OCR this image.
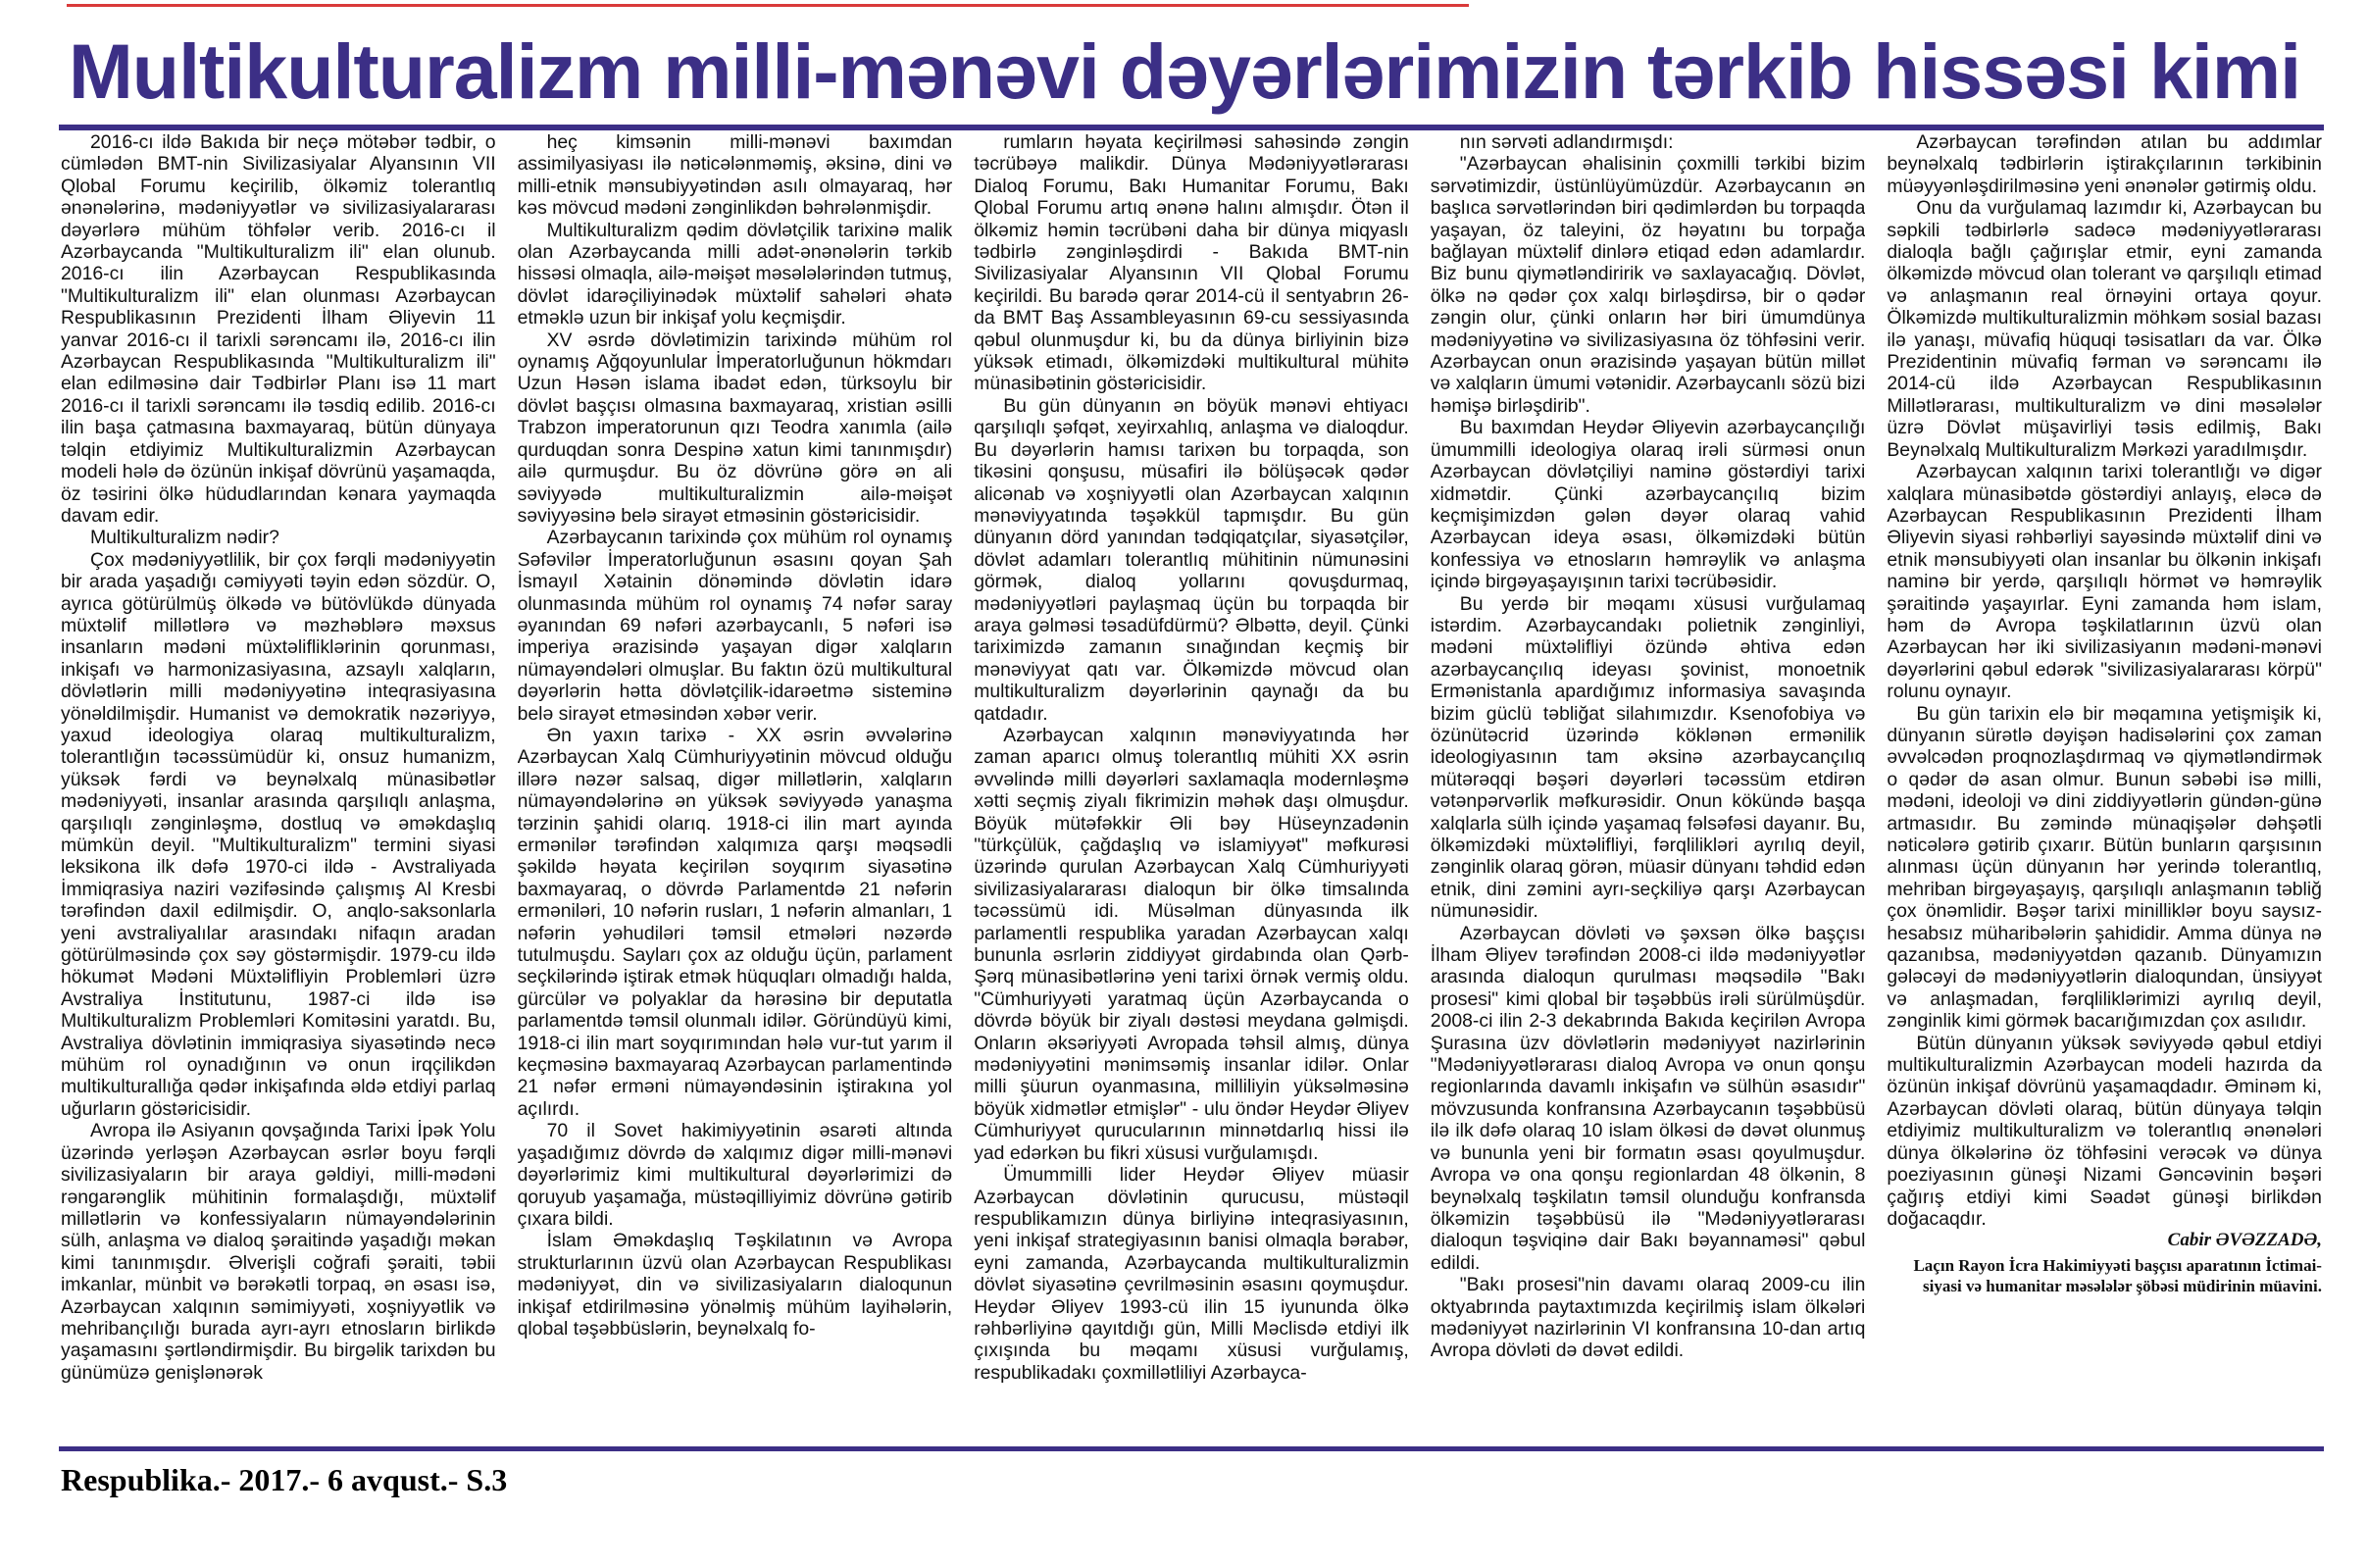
Multikulturalizm milli-mənəvi dəyərlərimizin tərkib hissəsi kimi

2016-cı ildə Bakıda bir neçə mötəbər tədbir, o cümlədən BMT-nin Sivilizasiyalar Alyansının VII Qlobal Forumu keçirilib, ölkəmiz tolerantlıq ənənələrinə, mədəniyyətlər və sivilizasiyalararası dəyərlərə mühüm töhfələr verib. 2016-cı il Azərbaycanda "Multikulturalizm ili" elan olunub. 2016-cı ilin Azərbaycan Respublikasında "Multikulturalizm ili" elan olunması Azərbaycan Respublikasının Prezidenti İlham Əliyevin 11 yanvar 2016-cı il tarixli sərəncamı ilə, 2016-cı ilin Azərbaycan Respublikasında "Multikulturalizm ili" elan edilməsinə dair Tədbirlər Planı isə 11 mart 2016-cı il tarixli sərəncamı ilə təsdiq edilib. 2016-cı ilin başa çatmasına baxmayaraq, bütün dünyaya təlqin etdiyimiz Multikulturalizmin Azərbaycan modeli hələ də özünün inkişaf dövrünü yaşamaqda, öz təsirini ölkə hüdudlarından kənara yaymaqda davam edir.

Multikulturalizm nədir?

Çox mədəniyyətlilik, bir çox fərqli mədəniyyətin bir arada yaşadığı cəmiyyəti təyin edən sözdür. O, ayrıca götürülmüş ölkədə və bütövlükdə dünyada müxtəlif millətlərə və məzhəblərə məxsus insanların mədəni müxtəlifliklərinin qorunması, inkişafı və harmonizasiyasına, azsaylı xalqların, dövlətlərin milli mədəniyyətinə inteqrasiyasına yönəldilmişdir. Humanist və demokratik nəzəriyyə, yaxud ideologiya olaraq multikulturalizm, tolerantlığın təcəssümüdür ki, onsuz humanizm, yüksək fərdi və beynəlxalq münasibətlər mədəniyyəti, insanlar arasında qarşılıqlı anlaşma, qarşılıqlı zənginləşmə, dostluq və əməkdaşlıq mümkün deyil. "Multikulturalizm" termini siyasi leksikona ilk dəfə 1970-ci ildə - Avstraliyada İmmiqrasiya naziri vəzifəsində çalışmış Al Kresbi tərəfindən daxil edilmişdir. O, anqlo-saksonlarla yeni avstraliyalılar arasındakı nifaqın aradan götürülməsində çox səy göstərmişdir. 1979-cu ildə hökumət Mədəni Müxtəlifliyin Problemləri üzrə Avstraliya İnstitutunu, 1987-ci ildə isə Multikulturalizm Problemləri Komitəsini yaratdı. Bu, Avstraliya dövlətinin immiqrasiya siyasətində necə mühüm rol oynadığının və onun irqçilikdən multikulturallığa qədər inkişafında əldə etdiyi parlaq uğurların göstəricisidir.

Avropa ilə Asiyanın qovşağında Tarixi İpək Yolu üzərində yerləşən Azərbaycan əsrlər boyu fərqli sivilizasiyaların bir araya gəldiyi, milli-mədəni rəngarənglik mühitinin formalaşdığı, müxtəlif millətlərin və konfessiyaların nümayəndələrinin sülh, anlaşma və dialoq şəraitində yaşadığı məkan kimi tanınmışdır. Əlverişli coğrafi şəraiti, təbii imkanlar, münbit və bərəkətli torpaq, ən əsası isə, Azərbaycan xalqının səmimiyyəti, xoşniyyətlik və mehribançılığı burada ayrı-ayrı etnosların birlikdə yaşamasını şərtləndirmişdir. Bu birgəlik tarixdən bu günümüzə genişlənərək

heç kimsənin milli-mənəvi baxımdan assimilyasiyası ilə nəticələnməmiş, əksinə, dini və milli-etnik mənsubiyyətindən asılı olmayaraq, hər kəs mövcud mədəni zənginlikdən bəhrələnmişdir.

Multikulturalizm qədim dövlətçilik tarixinə malik olan Azərbaycanda milli adət-ənənələrin tərkib hissəsi olmaqla, ailə-məişət məsələlərindən tutmuş, dövlət idarəçiliyinədək müxtəlif sahələri əhatə etməklə uzun bir inkişaf yolu keçmişdir.

XV əsrdə dövlətimizin tarixində mühüm rol oynamış Ağqoyunlular İmperatorluğunun hökmdarı Uzun Həsən islama ibadət edən, türksoylu bir dövlət başçısı olmasına baxmayaraq, xristian əsilli Trabzon imperatorunun qızı Teodra xanımla (ailə qurduqdan sonra Despinə xatun kimi tanınmışdır) ailə qurmuşdur. Bu öz dövrünə görə ən ali səviyyədə multikulturalizmin ailə-məişət səviyyəsinə belə sirayət etməsinin göstəricisidir.

Azərbaycanın tarixində çox mühüm rol oynamış Səfəvilər İmperatorluğunun əsasını qoyan Şah İsmayıl Xətainin dönəmində dövlətin idarə olunmasında mühüm rol oynamış 74 nəfər saray əyanından 69 nəfəri azərbaycanlı, 5 nəfəri isə imperiya ərazisində yaşayan digər xalqların nümayəndələri olmuşlar. Bu faktın özü multikultural dəyərlərin hətta dövlətçilik-idarəetmə sisteminə belə sirayət etməsindən xəbər verir.

Ən yaxın tarixə - XX əsrin əvvələrinə Azərbaycan Xalq Cümhuriyyətinin mövcud olduğu illərə nəzər salsaq, digər millətlərin, xalqların nümayəndələrinə ən yüksək səviyyədə yanaşma tərzinin şahidi olarıq. 1918-ci ilin mart ayında ermənilər tərəfindən xalqımıza qarşı məqsədli şəkildə həyata keçirilən soyqırım siyasətinə baxmayaraq, o dövrdə Parlamentdə 21 nəfərin erməniləri, 10 nəfərin rusları, 1 nəfərin almanları, 1 nəfərin yəhudiləri təmsil etmələri nəzərdə tutulmuşdu. Sayları çox az olduğu üçün, parlament seçkilərində iştirak etmək hüquqları olmadığı halda, gürcülər və polyaklar da hərəsinə bir deputatla parlamentdə təmsil olunmalı idilər. Göründüyü kimi, 1918-ci ilin mart soyqırımından hələ vur-tut yarım il keçməsinə baxmayaraq Azərbaycan parlamentində 21 nəfər erməni nümayəndəsinin iştirakına yol açılırdı.

70 il Sovet hakimiyyətinin əsarəti altında yaşadığımız dövrdə də xalqımız digər milli-mənəvi dəyərlərimiz kimi multikultural dəyərlərimizi də qoruyub yaşamağa, müstəqilliyimiz dövrünə gətirib çıxara bildi.

İslam Əməkdaşlıq Təşkilatının və Avropa strukturlarının üzvü olan Azərbaycan Respublikası mədəniyyət, din və sivilizasiyaların dialoqunun inkişaf etdirilməsinə yönəlmiş mühüm layihələrin, qlobal təşəbbüslərin, beynəlxalq fo-

rumların həyata keçirilməsi sahəsində zəngin təcrübəyə malikdir. Dünya Mədəniyyətlərarası Dialoq Forumu, Bakı Humanitar Forumu, Bakı Qlobal Forumu artıq ənənə halını almışdır. Ötən il ölkəmiz həmin təcrübəni daha bir dünya miqyaslı tədbirlə zənginləşdirdi - Bakıda BMT-nin Sivilizasiyalar Alyansının VII Qlobal Forumu keçirildi. Bu barədə qərar 2014-cü il sentyabrın 26-da BMT Baş Assambleyasının 69-cu sessiyasında qəbul olunmuşdur ki, bu da dünya birliyinin bizə yüksək etimadı, ölkəmizdəki multikultural mühitə münasibətinin göstəricisidir.

Bu gün dünyanın ən böyük mənəvi ehtiyacı qarşılıqlı şəfqət, xeyirxahlıq, anlaşma və dialoqdur. Bu dəyərlərin hamısı tarixən bu torpaqda, son tikəsini qonşusu, müsafiri ilə bölüşəcək qədər alicənab və xoşniyyətli olan Azərbaycan xalqının mənəviyyatında təşəkkül tapmışdır. Bu gün dünyanın dörd yanından tədqiqatçılar, siyasətçilər, dövlət adamları tolerantlıq mühitinin nümunəsini görmək, dialoq yollarını qovuşdurmaq, mədəniyyətləri paylaşmaq üçün bu torpaqda bir araya gəlməsi təsadüfdürmü? Əlbəttə, deyil. Çünki tariximizdə zamanın sınağından keçmiş bir mənəviyyat qatı var. Ölkəmizdə mövcud olan multikulturalizm dəyərlərinin qaynağı da bu qatdadır.

Azərbaycan xalqının mənəviyyatında hər zaman aparıcı olmuş tolerantlıq mühiti XX əsrin əvvəlində milli dəyərləri saxlamaqla modernləşmə xətti seçmiş ziyalı fikrimizin məhək daşı olmuşdur. Böyük mütəfəkkir Əli bəy Hüseynzadənin "türkçülük, çağdaşlıq və islamiyyət" məfkurəsi üzərində qurulan Azərbaycan Xalq Cümhuriyyəti sivilizasiyalararası dialoqun bir ölkə timsalında təcəssümü idi. Müsəlman dünyasında ilk parlamentli respublika yaradan Azərbaycan xalqı bununla əsrlərin ziddiyyət girdabında olan Qərb-Şərq münasibətlərinə yeni tarixi örnək vermiş oldu. "Cümhuriyyəti yaratmaq üçün Azərbaycanda o dövrdə böyük bir ziyalı dəstəsi meydana gəlmişdi. Onların əksəriyyəti Avropada təhsil almış, dünya mədəniyyətini mənimsəmiş insanlar idilər. Onlar milli şüurun oyanmasına, milliliyin yüksəlməsinə böyük xidmətlər etmişlər" - ulu öndər Heydər Əliyev Cümhuriyyət qurucularının minnətdarlıq hissi ilə yad edərkən bu fikri xüsusi vurğulamışdı.

Ümummilli lider Heydər Əliyev müasir Azərbaycan dövlətinin qurucusu, müstəqil respublikamızın dünya birliyinə inteqrasiyasının, yeni inkişaf strategiyasının banisi olmaqla bərabər, eyni zamanda, Azərbaycanda multikulturalizmin dövlət siyasətinə çevrilməsinin əsasını qoymuşdur. Heydər Əliyev 1993-cü ilin 15 iyununda ölkə rəhbərliyinə qayıtdığı gün, Milli Məclisdə etdiyi ilk çıxışında bu məqamı xüsusi vurğulamış, respublikadakı çoxmillətliliyi Azərbayca-

nın sərvəti adlandırmışdı:

"Azərbaycan əhalisinin çoxmilli tərkibi bizim sərvətimizdir, üstünlüyümüzdür. Azərbaycanın ən başlıca sərvətlərindən biri qədimlərdən bu torpaqda yaşayan, öz taleyini, öz həyatını bu torpağa bağlayan müxtəlif dinlərə etiqad edən adamlardır. Biz bunu qiymətləndiririk və saxlayacağıq. Dövlət, ölkə nə qədər çox xalqı birləşdirsə, bir o qədər zəngin olur, çünki onların hər biri ümumdünya mədəniyyətinə və sivilizasiyasına öz töhfəsini verir. Azərbaycan onun ərazisində yaşayan bütün millət və xalqların ümumi vətənidir. Azərbaycanlı sözü bizi həmişə birləşdirib".

Bu baxımdan Heydər Əliyevin azərbaycançılığı ümummilli ideologiya olaraq irəli sürməsi onun Azərbaycan dövlətçiliyi naminə göstərdiyi tarixi xidmətdir. Çünki azərbaycançılıq bizim keçmişimizdən gələn dəyər olaraq vahid Azərbaycan ideya əsası, ölkəmizdəki bütün konfessiya və etnosların həmrəylik və anlaşma içində birgəyaşayışının tarixi təcrübəsidir.

Bu yerdə bir məqamı xüsusi vurğulamaq istərdim. Azərbaycandakı polietnik zənginliyi, mədəni müxtəlifliyi özündə əhtiva edən azərbaycançılıq ideyası şovinist, monoetnik Ermənistanla apardığımız informasiya savaşında bizim güclü təbliğat silahımızdır. Ksenofobiya və özünütəcrid üzərində köklənən ermənilik ideologiyasının tam əksinə azərbaycançılıq mütərəqqi bəşəri dəyərləri təcəssüm etdirən vətənpərvərlik məfkurəsidir. Onun kökündə başqa xalqlarla sülh içində yaşamaq fəlsəfəsi dayanır. Bu, ölkəmizdəki müxtəlifliyi, fərqlilikləri ayrılıq deyil, zənginlik olaraq görən, müasir dünyanı təhdid edən etnik, dini zəmini ayrı-seçkiliyə qarşı Azərbaycan nümunəsidir.

Azərbaycan dövləti və şəxsən ölkə başçısı İlham Əliyev tərəfindən 2008-ci ildə mədəniyyətlər arasında dialoqun qurulması məqsədilə "Bakı prosesi" kimi qlobal bir təşəbbüs irəli sürülmüşdür. 2008-ci ilin 2-3 dekabrında Bakıda keçirilən Avropa Şurasına üzv dövlətlərin mədəniyyət nazirlərinin "Mədəniyyətlərarası dialoq Avropa və onun qonşu regionlarında davamlı inkişafın və sülhün əsasıdır" mövzusunda konfransına Azərbaycanın təşəbbüsü ilə ilk dəfə olaraq 10 islam ölkəsi də dəvət olunmuş və bununla yeni bir formatın əsası qoyulmuşdur. Avropa və ona qonşu regionlardan 48 ölkənin, 8 beynəlxalq təşkilatın təmsil olunduğu konfransda ölkəmizin təşəbbüsü ilə "Mədəniyyətlərarası dialoqun təşviqinə dair Bakı bəyannaməsi" qəbul edildi.

"Bakı prosesi"nin davamı olaraq 2009-cu ilin oktyabrında paytaxtımızda keçirilmiş islam ölkələri mədəniyyət nazirlərinin VI konfransına 10-dan artıq Avropa dövləti də dəvət edildi.

Azərbaycan tərəfindən atılan bu addımlar beynəlxalq tədbirlərin iştirakçılarının tərkibinin müəyyənləşdirilməsinə yeni ənənələr gətirmiş oldu.

Onu da vurğulamaq lazımdır ki, Azərbaycan bu səpkili tədbirlərlə sadəcə mədəniyyətlərarası dialoqla bağlı çağırışlar etmir, eyni zamanda ölkəmizdə mövcud olan tolerant və qarşılıqlı etimad və anlaşmanın real örnəyini ortaya qoyur. Ölkəmizdə multikulturalizmin möhkəm sosial bazası ilə yanaşı, müvafiq hüquqi təsisatları da var. Ölkə Prezidentinin müvafiq fərman və sərəncamı ilə 2014-cü ildə Azərbaycan Respublikasının Millətlərarası, multikulturalizm və dini məsələlər üzrə Dövlət müşavirliyi təsis edilmiş, Bakı Beynəlxalq Multikulturalizm Mərkəzi yaradılmışdır.

Azərbaycan xalqının tarixi tolerantlığı və digər xalqlara münasibətdə göstərdiyi anlayış, eləcə də Azərbaycan Respublikasının Prezidenti İlham Əliyevin siyasi rəhbərliyi sayəsində müxtəlif dini və etnik mənsubiyyəti olan insanlar bu ölkənin inkişafı naminə bir yerdə, qarşılıqlı hörmət və həmrəylik şəraitində yaşayırlar. Eyni zamanda həm islam, həm də Avropa təşkilatlarının üzvü olan Azərbaycan hər iki sivilizasiyanın mədəni-mənəvi dəyərlərini qəbul edərək "sivilizasiyalararası körpü" rolunu oynayır.

Bu gün tarixin elə bir məqamına yetişmişik ki, dünyanın sürətlə dəyişən hadisələrini çox zaman əvvəlcədən proqnozlaşdırmaq və qiymətləndirmək o qədər də asan olmur. Bunun səbəbi isə milli, mədəni, ideoloji və dini ziddiyyətlərin gündən-günə artmasıdır. Bu zəmində münaqişələr dəhşətli nəticələrə gətirib çıxarır. Bütün bunların qarşısının alınması üçün dünyanın hər yerində tolerantlıq, mehriban birgəyaşayış, qarşılıqlı anlaşmanın təbliğ çox önəmlidir. Bəşər tarixi minilliklər boyu saysız-hesabsız müharibələrin şahididir. Amma dünya nə qazanıbsa, mədəniyyətdən qazanıb. Dünyamızın gələcəyi də mədəniyyətlərin dialoqundan, ünsiyyət və anlaşmadan, fərqliliklərimizi ayrılıq deyil, zənginlik kimi görmək bacarığımızdan çox asılıdır.

Bütün dünyanın yüksək səviyyədə qəbul etdiyi multikulturalizmin Azərbaycan modeli hazırda da özünün inkişaf dövrünü yaşamaqdadır. Əminəm ki, Azərbaycan dövləti olaraq, bütün dünyaya təlqin etdiyimiz multikulturalizm və tolerantlıq ənənələri dünya ölkələrinə öz töhfəsini verəcək və dünya poeziyasının günəşi Nizami Gəncəvinin bəşəri çağırış etdiyi kimi Səadət günəşi birlikdən doğacaqdır.

Cabir ƏVƏZZADƏ,
Laçın Rayon İcra Hakimiyyəti başçısı aparatının İctimai-siyasi və humanitar məsələlər şöbəsi müdirinin müavini.
Respublika.- 2017.- 6 avqust.- S.3
